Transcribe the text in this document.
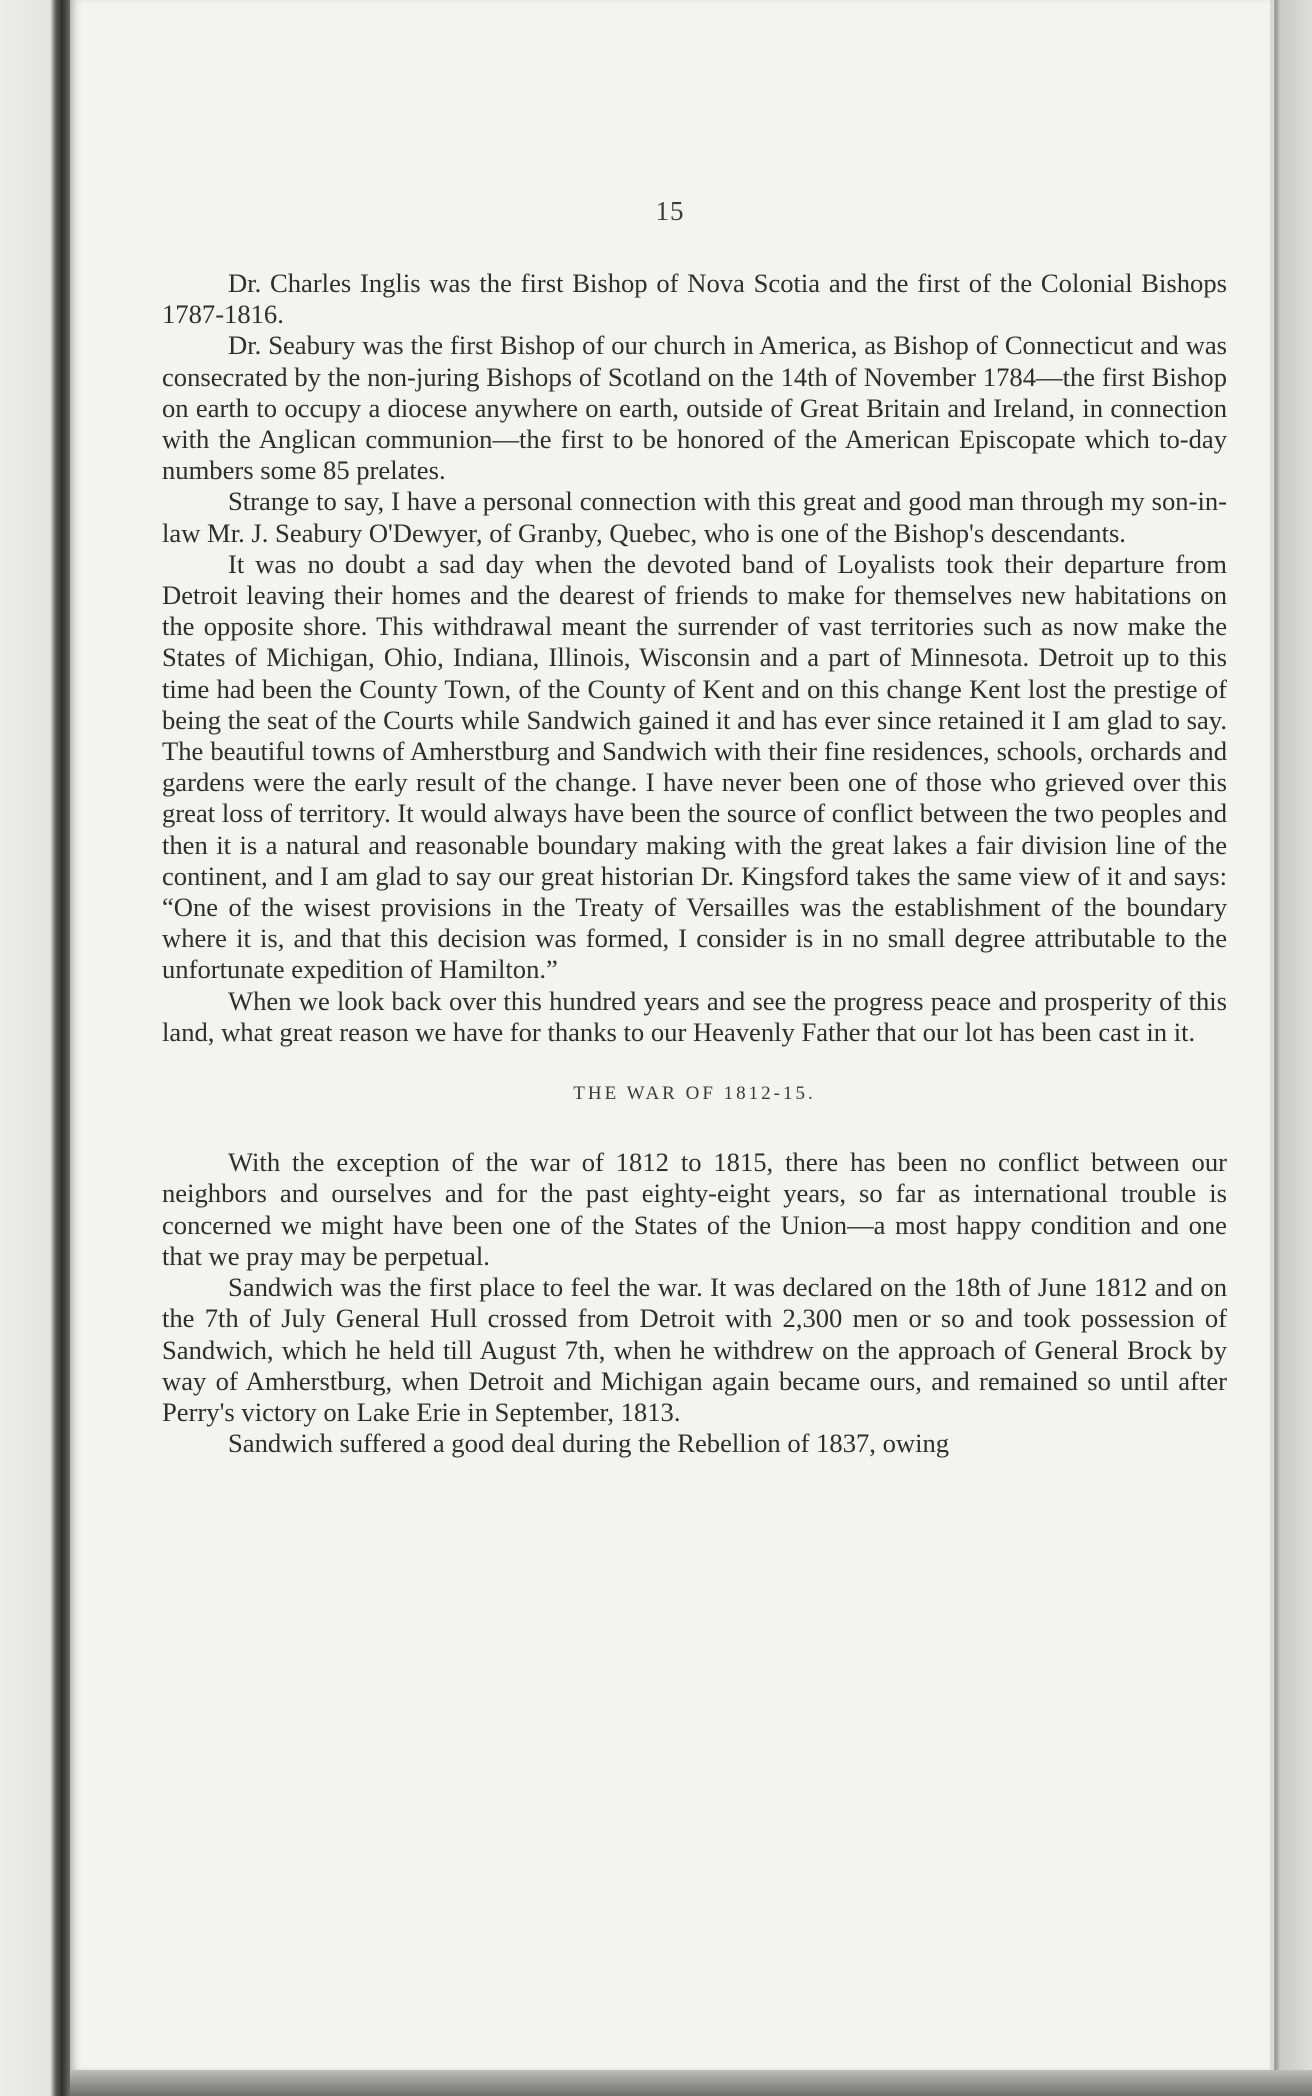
15

Dr. Charles Inglis was the first Bishop of Nova Scotia and the first of the Colonial Bishops 1787-1816.

Dr. Seabury was the first Bishop of our church in America, as Bishop of Connecticut and was consecrated by the non-juring Bishops of Scotland on the 14th of November 1784—the first Bishop on earth to occupy a diocese anywhere on earth, outside of Great Britain and Ireland, in connection with the Anglican communion—the first to be honored of the American Episcopate which to-day numbers some 85 prelates.

Strange to say, I have a personal connection with this great and good man through my son-in-law Mr. J. Seabury O'Dewyer, of Granby, Quebec, who is one of the Bishop's descendants.

It was no doubt a sad day when the devoted band of Loyalists took their departure from Detroit leaving their homes and the dearest of friends to make for themselves new habitations on the opposite shore. This withdrawal meant the surrender of vast territories such as now make the States of Michigan, Ohio, Indiana, Illinois, Wisconsin and a part of Minnesota. Detroit up to this time had been the County Town, of the County of Kent and on this change Kent lost the prestige of being the seat of the Courts while Sandwich gained it and has ever since retained it I am glad to say. The beautiful towns of Amherstburg and Sandwich with their fine residences, schools, orchards and gardens were the early result of the change. I have never been one of those who grieved over this great loss of territory. It would always have been the source of conflict between the two peoples and then it is a natural and reasonable boundary making with the great lakes a fair division line of the continent, and I am glad to say our great historian Dr. Kingsford takes the same view of it and says: “One of the wisest provisions in the Treaty of Versailles was the establishment of the boundary where it is, and that this decision was formed, I consider is in no small degree attributable to the unfortunate expedition of Hamilton.”

When we look back over this hundred years and see the progress peace and prosperity of this land, what great reason we have for thanks to our Heavenly Father that our lot has been cast in it.

THE WAR OF 1812-15.

With the exception of the war of 1812 to 1815, there has been no conflict between our neighbors and ourselves and for the past eighty-eight years, so far as international trouble is concerned we might have been one of the States of the Union—a most happy condition and one that we pray may be perpetual.

Sandwich was the first place to feel the war. It was declared on the 18th of June 1812 and on the 7th of July General Hull crossed from Detroit with 2,300 men or so and took possession of Sandwich, which he held till August 7th, when he withdrew on the approach of General Brock by way of Amherstburg, when Detroit and Michigan again became ours, and remained so until after Perry's victory on Lake Erie in September, 1813.

Sandwich suffered a good deal during the Rebellion of 1837, owing
